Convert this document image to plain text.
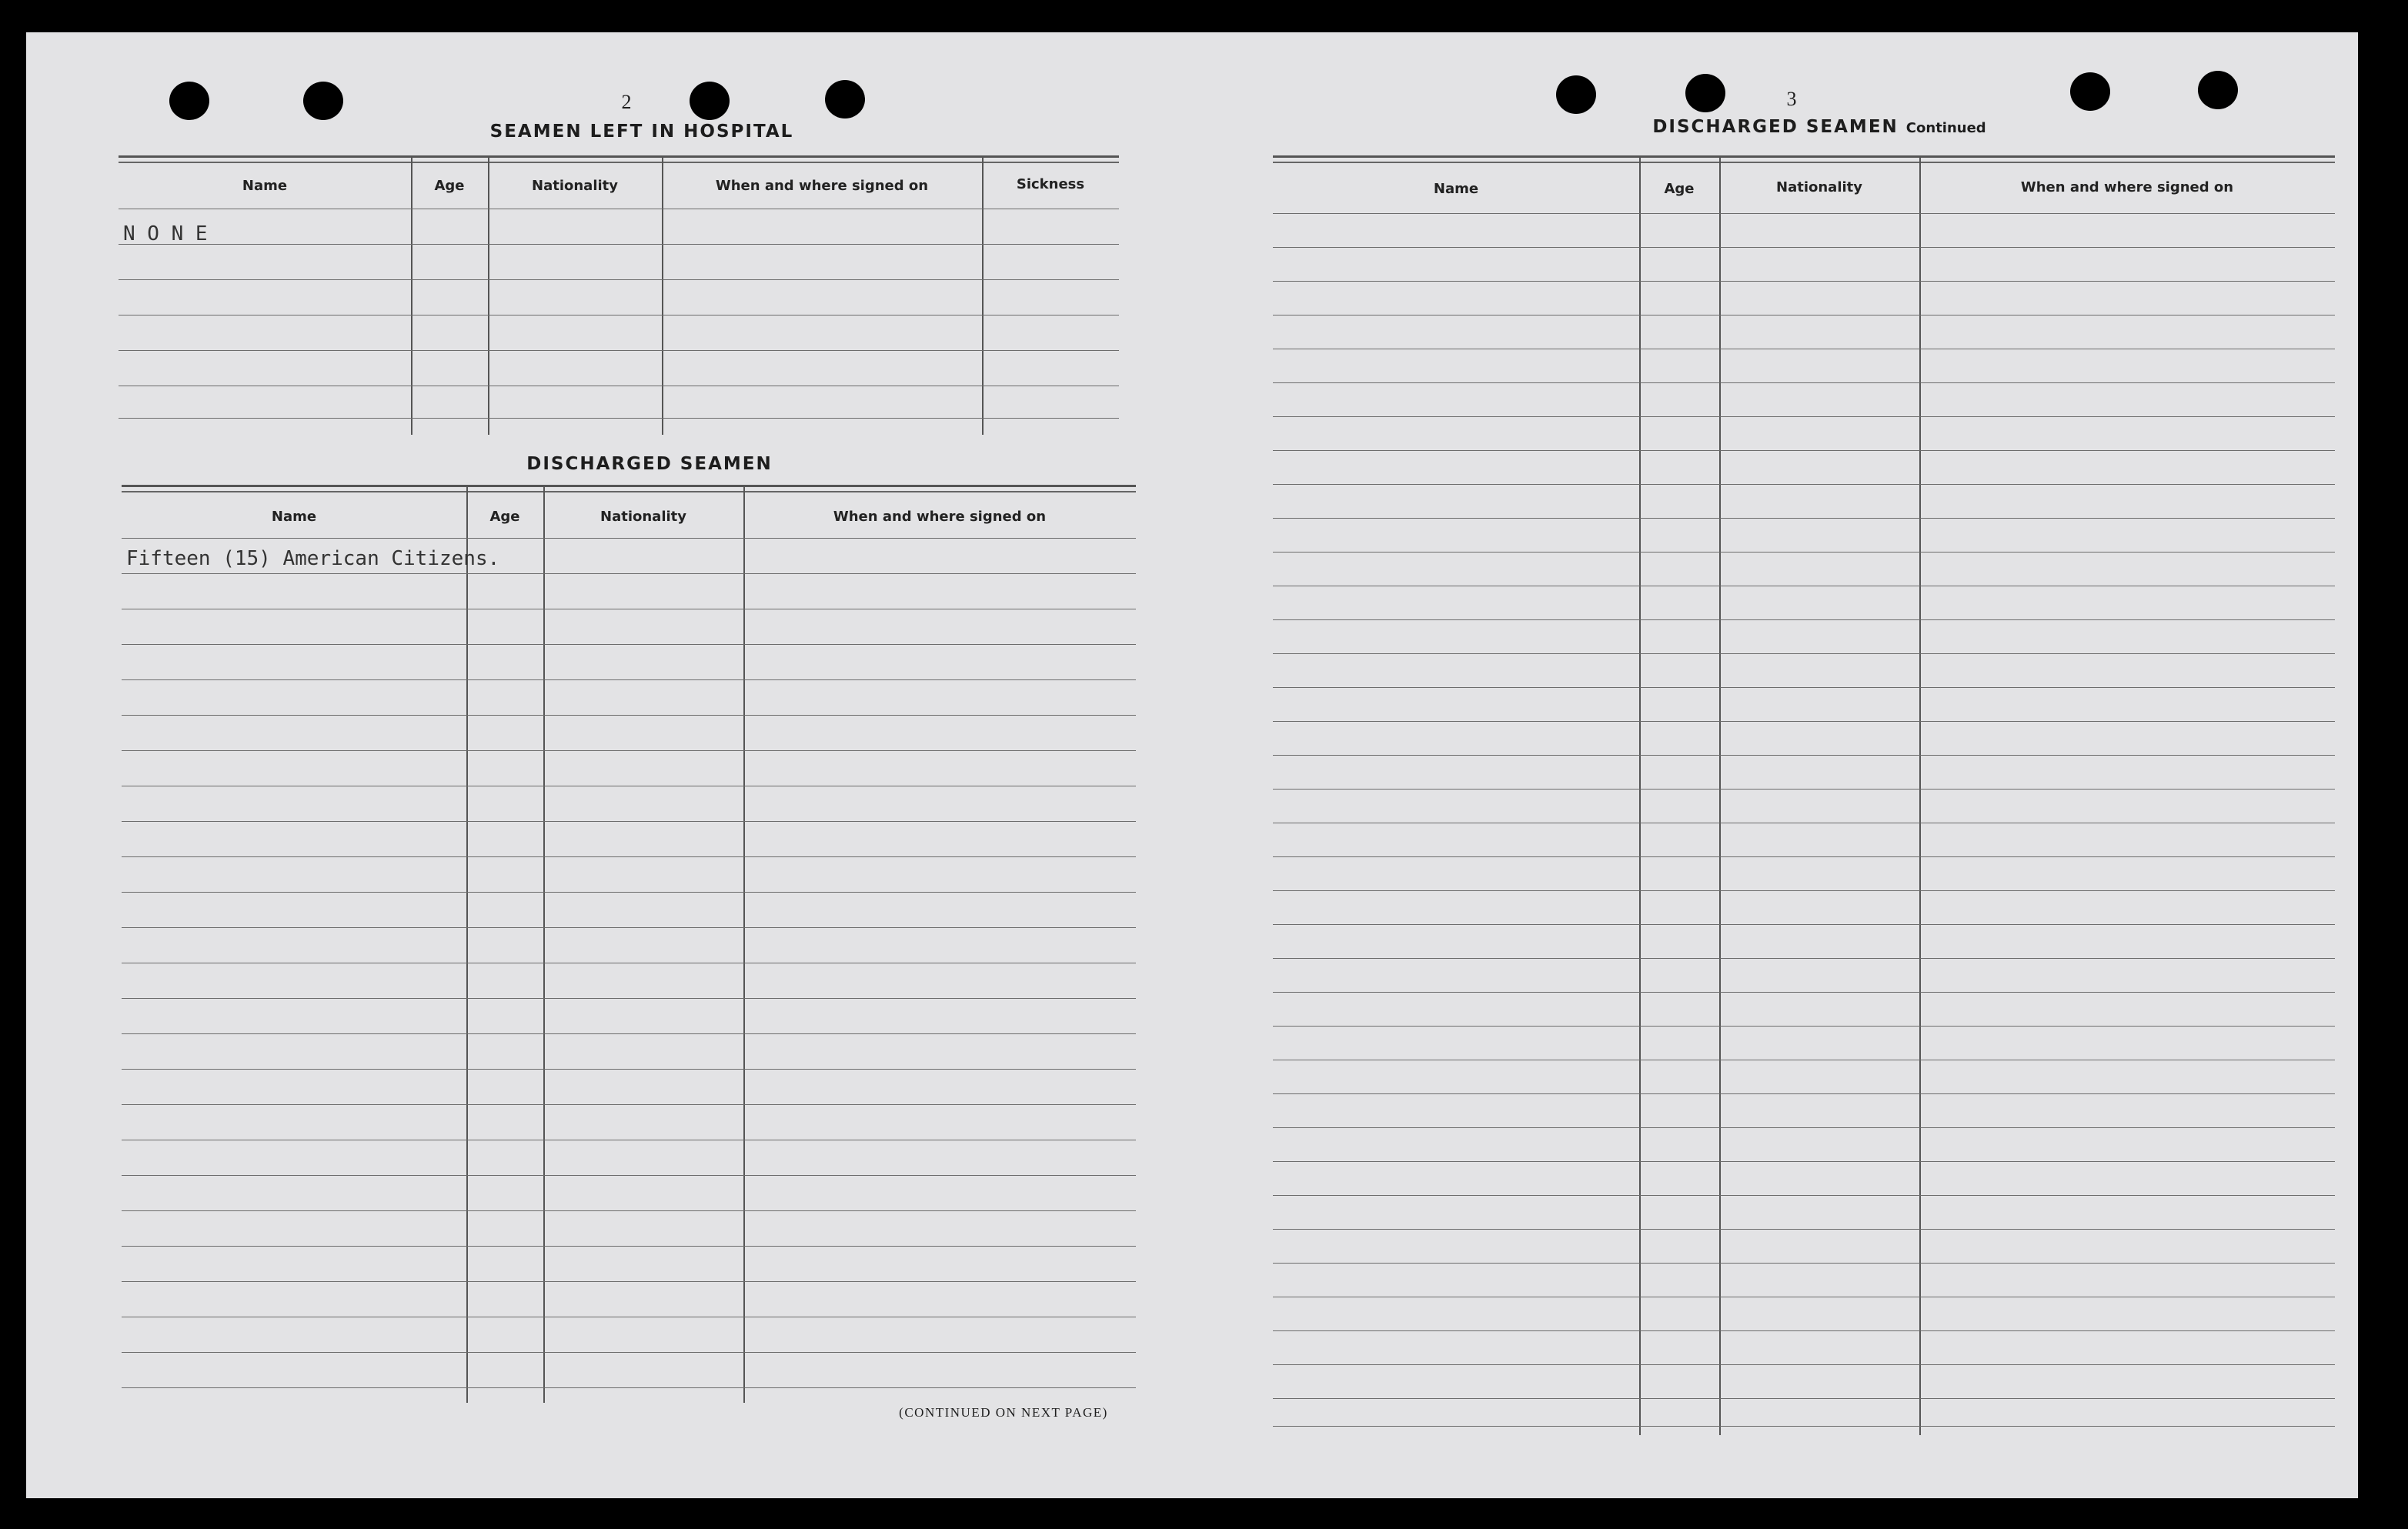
2
SEAMEN LEFT IN HOSPITAL
Name	Age	Nationality	When and where signed on	Sickness
N O N E
DISCHARGED SEAMEN
Name	Age	Nationality	When and where signed on
Fifteen (15) American Citizens.
(CONTINUED ON NEXT PAGE)
3
DISCHARGED SEAMEN Continued
Name	Age	Nationality	When and where signed on
